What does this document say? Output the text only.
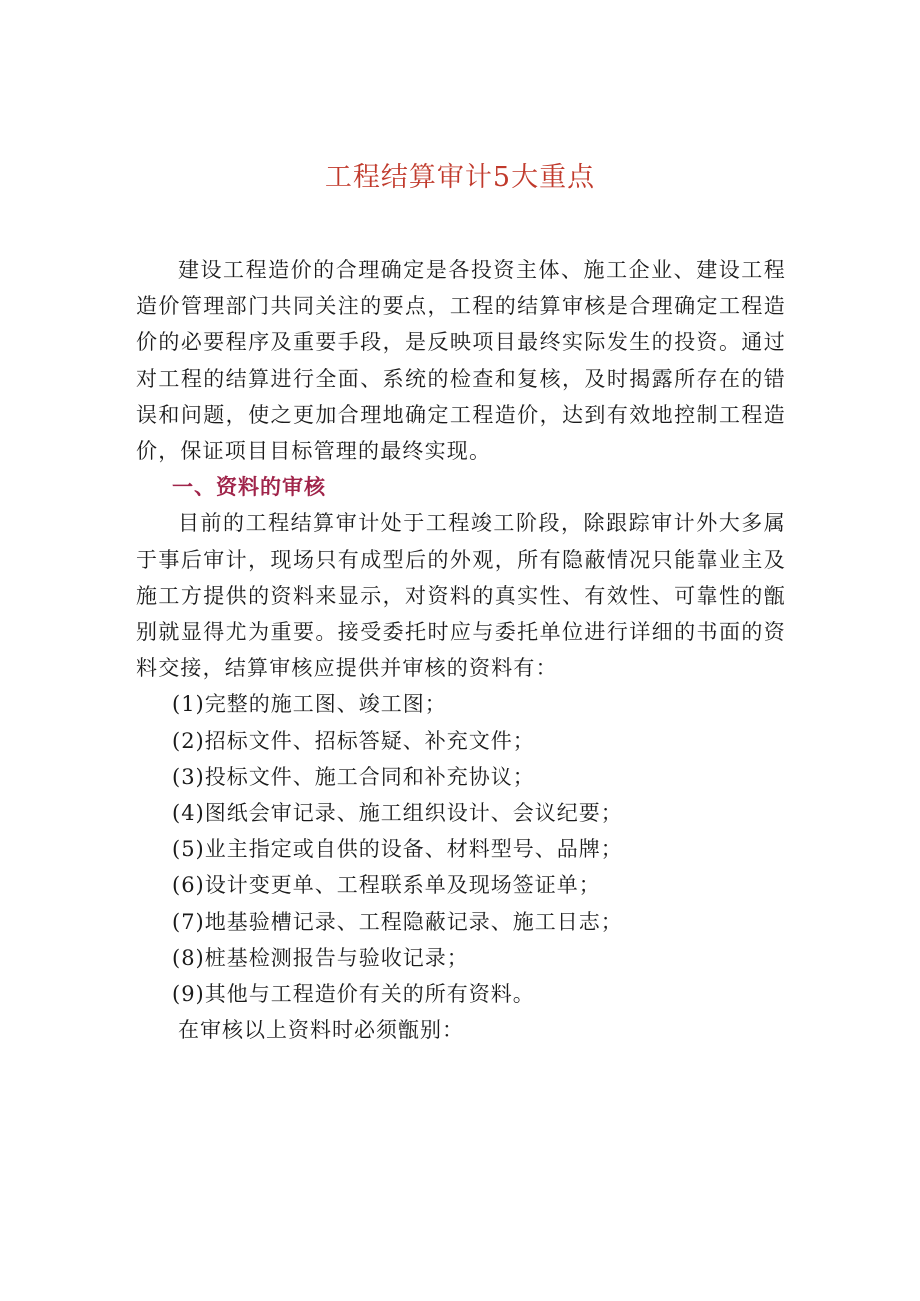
工程结算审计5大重点

建设工程造价的合理确定是各投资主体、施工企业、建设工程造价管理部门共同关注的要点，工程的结算审核是合理确定工程造价的必要程序及重要手段，是反映项目最终实际发生的投资。通过对工程的结算进行全面、系统的检查和复核，及时揭露所存在的错误和问题，使之更加合理地确定工程造价，达到有效地控制工程造价，保证项目目标管理的最终实现。

一、资料的审核

目前的工程结算审计处于工程竣工阶段，除跟踪审计外大多属于事后审计，现场只有成型后的外观，所有隐蔽情况只能靠业主及施工方提供的资料来显示，对资料的真实性、有效性、可靠性的甑别就显得尤为重要。接受委托时应与委托单位进行详细的书面的资料交接，结算审核应提供并审核的资料有：

(1)完整的施工图、竣工图；
(2)招标文件、招标答疑、补充文件；
(3)投标文件、施工合同和补充协议；
(4)图纸会审记录、施工组织设计、会议纪要；
(5)业主指定或自供的设备、材料型号、品牌；
(6)设计变更单、工程联系单及现场签证单；
(7)地基验槽记录、工程隐蔽记录、施工日志；
(8)桩基检测报告与验收记录；
(9)其他与工程造价有关的所有资料。

在审核以上资料时必须甑别：
